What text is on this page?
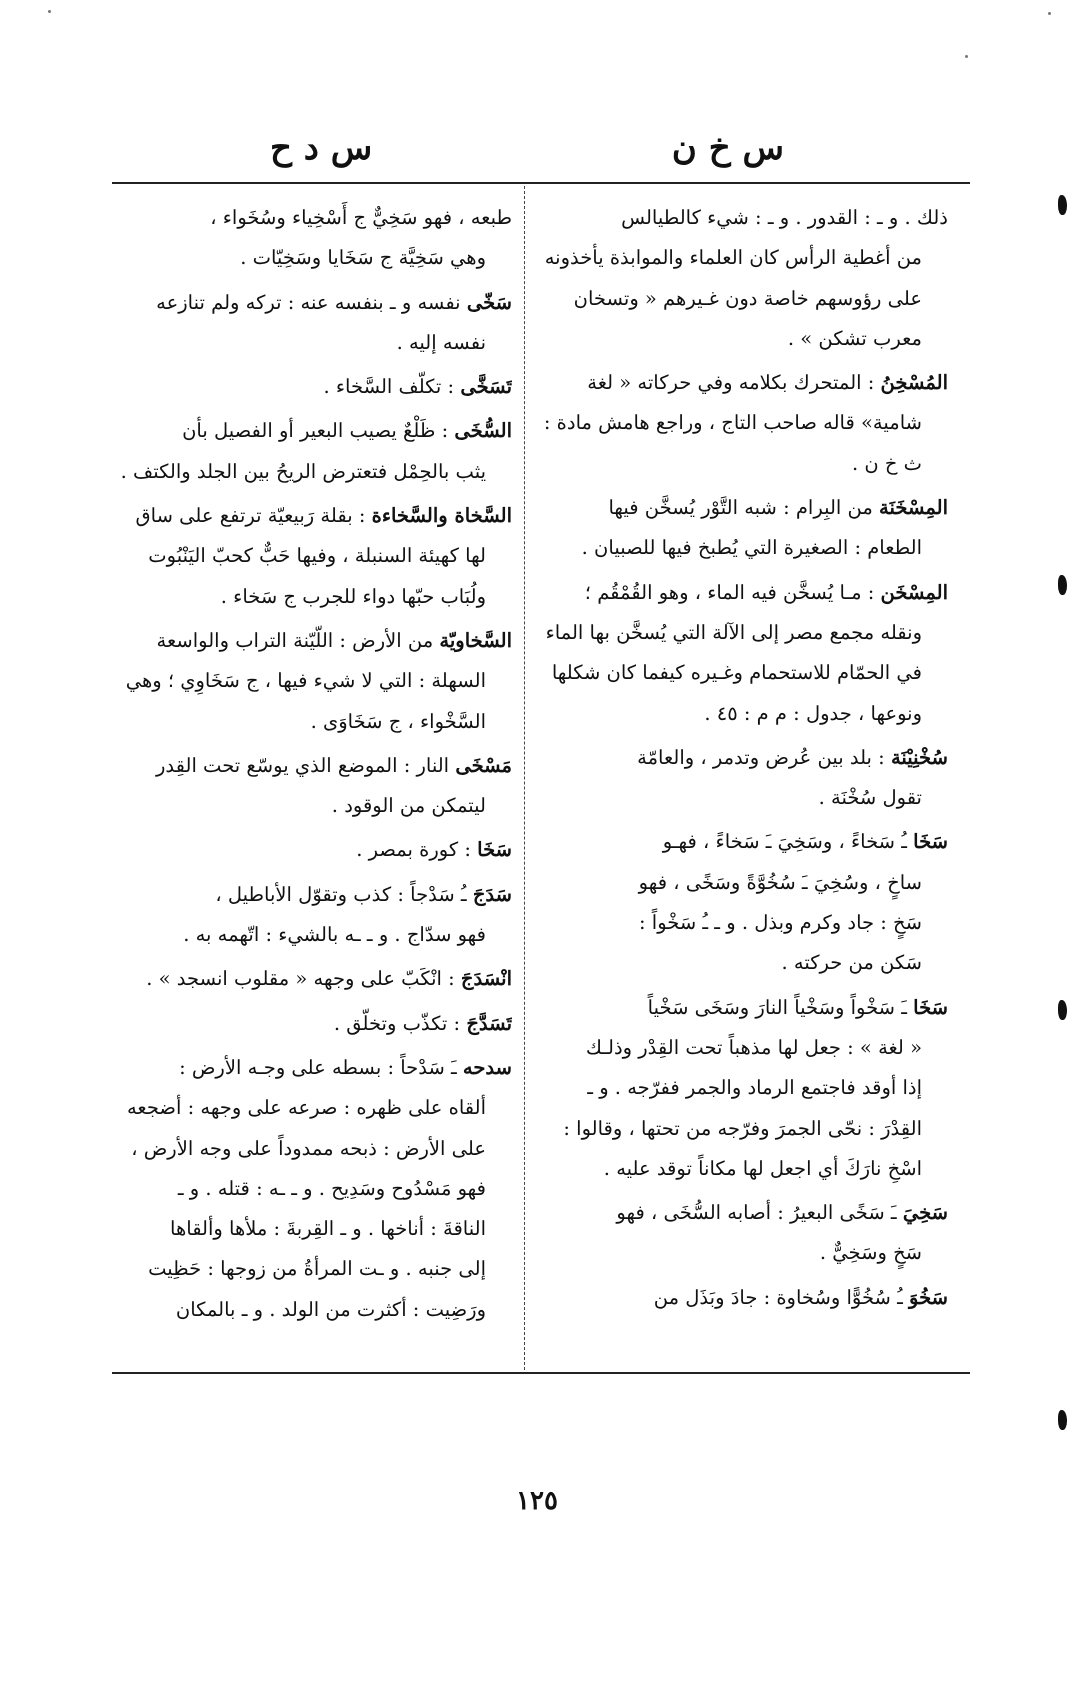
س خ ن
س د ح
ذلك . و ـ : القدور . و ـ : شيء كالطيالس
من أغطية الرأس كان العلماء والموابذة يأخذونه
على رؤوسهم خاصة دون غـيرهم « وتسخان
معرب تشكن » .
المُسْخِنُ : المتحرك بكلامه وفي حركاته « لغة
شامية» قاله صاحب التاج ، وراجع هامش مادة :
ث خ ن .
المِسْخَنَة من البِرام : شبه التَّوْر يُسخَّن فيها
الطعام : الصغيرة التي يُطبخ فيها للصبيان .
المِسْخَن : مـا يُسخَّن فيه الماء ، وهو القُمْقُم ؛
ونقله مجمع مصر إلى الآلة التي يُسخَّن بها الماء
في الحمّام للاستحمام وغـيره كيفما كان شكلها
ونوعها ، جدول : م م : ٤٥ .
سُخْنِيْنَة : بلد بين عُرض وتدمر ، والعامّة
تقول سُخْنَة .
سَخَا ـُ سَخاءً ، وسَخِيَ ـَ سَخاءً ، فهـو
ساخٍ ، وسُخِيَ ـَ سُخُوَّةً وسَخًى ، فهو
سَخٍ : جاد وكرم وبذل . و ـ ـُ سَخْواً :
سَكن من حركته .
سَخَا ـَ سَخْواً وسَخْياً النارَ وسَخَى سَخْياً
« لغة » : جعل لها مذهباً تحت القِدْر وذلـك
إذا أوقد فاجتمع الرماد والجمر ففرّجه . و ـ
القِدْرَ : نحّى الجمرَ وفرّجه من تحتها ، وقالوا :
اسْخِ نارَكَ أي اجعل لها مكاناً توقد عليه .
سَخِيَ ـَ سَخًى البعيرُ : أصابه السُّخَى ، فهو
سَخٍ وسَخِيٌّ .
سَخُوَ ـُ سُخُوًّا وسُخاوة : جادَ وبَذَل من
طبعه ، فهو سَخِيٌّ ج أَسْخِياء وسُخَواء ،
وهي سَخِيَّة ج سَخَايا وسَخِيّات .
سَخّى نفسه و ـ بنفسه عنه : تركه ولم تنازعه
نفسه إليه .
تَسَخَّى : تكلّف السَّخاء .
السُّخَى : ظَلْعٌ يصيب البعير أو الفصيل بأن
يثب بالحِمْل فتعترض الريحُ بين الجلد والكتف .
السَّخاة والسَّخاءة : بقلة رَبيعيّة ترتفع على ساق
لها كهيئة السنبلة ، وفيها حَبٌّ كحبّ اليَنْبُوت
ولُبَاب حبّها دواء للجرب ج سَخاء .
السَّخاويّة من الأرض : اللّيّنة التراب والواسعة
السهلة : التي لا شيء فيها ، ج سَخَاوِي ؛ وهي
السَّخْواء ، ج سَخَاوَى .
مَسْخَى النار : الموضع الذي يوسّع تحت القِدر
ليتمكن من الوقود .
سَخَا : كورة بمصر .
سَدَجَ ـُ سَدْجاً : كذب وتقوّل الأباطيل ،
فهو سدّاج . و ـ ـه بالشيء : اتّهمه به .
انْسَدَجَ : انْكَبّ على وجهه « مقلوب انسجد » .
تَسَدَّجَ : تكذّب وتخلّق .
سدحه ـَ سَدْحاً : بسطه على وجـه الأرض :
ألقاه على ظهره : صرعه على وجهه : أضجعه
على الأرض : ذبحه ممدوداً على وجه الأرض ،
فهو مَسْدُوح وسَدِيح . و ـ ـه : قتله . و ـ
الناقةَ : أناخها . و ـ القِربةَ : ملأها وألقاها
إلى جنبه . و ـت المرأةُ من زوجها : حَظِيت
ورَضِيت : أكثرت من الولد . و ـ بالمكان
١٢٥
